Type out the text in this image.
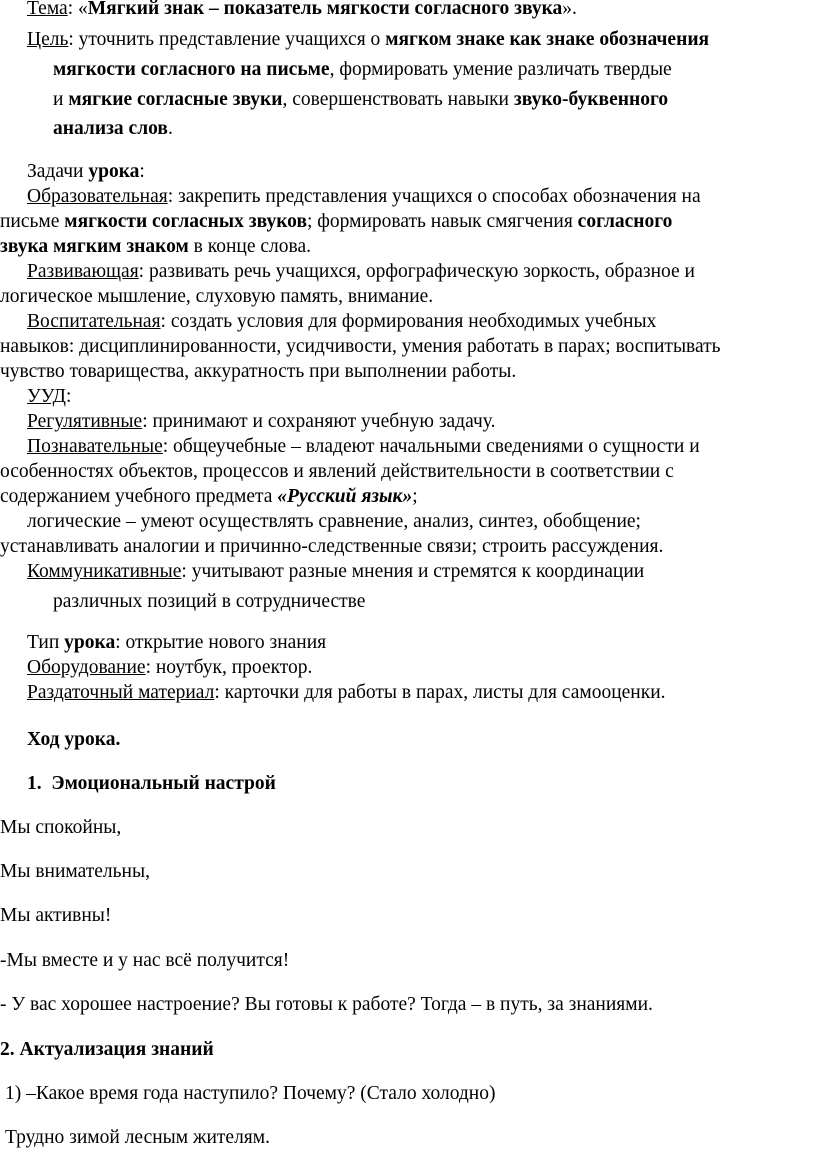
Тема: «Мягкий знак – показатель мягкости согласного звука».
Цель: уточнить представление учащихся о мягком знаке как знаке обозначения
мягкости согласного на письме, формировать умение различать твердые
и мягкие согласные звуки, совершенствовать навыки звуко-буквенного
анализа слов.
Задачи урока:
Образовательная: закрепить представления учащихся о способах обозначения на
письме мягкости согласных звуков; формировать навык смягчения согласного
звука мягким знаком в конце слова.
Развивающая: развивать речь учащихся, орфографическую зоркость, образное и
логическое мышление, слуховую память, внимание.
Воспитательная: создать условия для формирования необходимых учебных
навыков: дисциплинированности, усидчивости, умения работать в парах; воспитывать
чувство товарищества, аккуратность при выполнении работы.
УУД:
Регулятивные: принимают и сохраняют учебную задачу.
Познавательные: общеучебные – владеют начальными сведениями о сущности и
особенностях объектов, процессов и явлений действительности в соответствии с
содержанием учебного предмета «Русский язык»;
логические – умеют осуществлять сравнение, анализ, синтез, обобщение;
устанавливать аналогии и причинно-следственные связи; строить рассуждения.
Коммуникативные: учитывают разные мнения и стремятся к координации
различных позиций в сотрудничестве
Тип урока: открытие нового знания
Оборудование: ноутбук, проектор.
Раздаточный материал: карточки для работы в парах, листы для самооценки.
Ход урока.
1. Эмоциональный настрой
Мы спокойны,
Мы внимательны,
Мы активны!
-Мы вместе и у нас всё получится!
- У вас хорошее настроение? Вы готовы к работе? Тогда – в путь, за знаниями.
2. Актуализация знаний
1) –Какое время года наступило? Почему? (Стало холодно)
Трудно зимой лесным жителям.
